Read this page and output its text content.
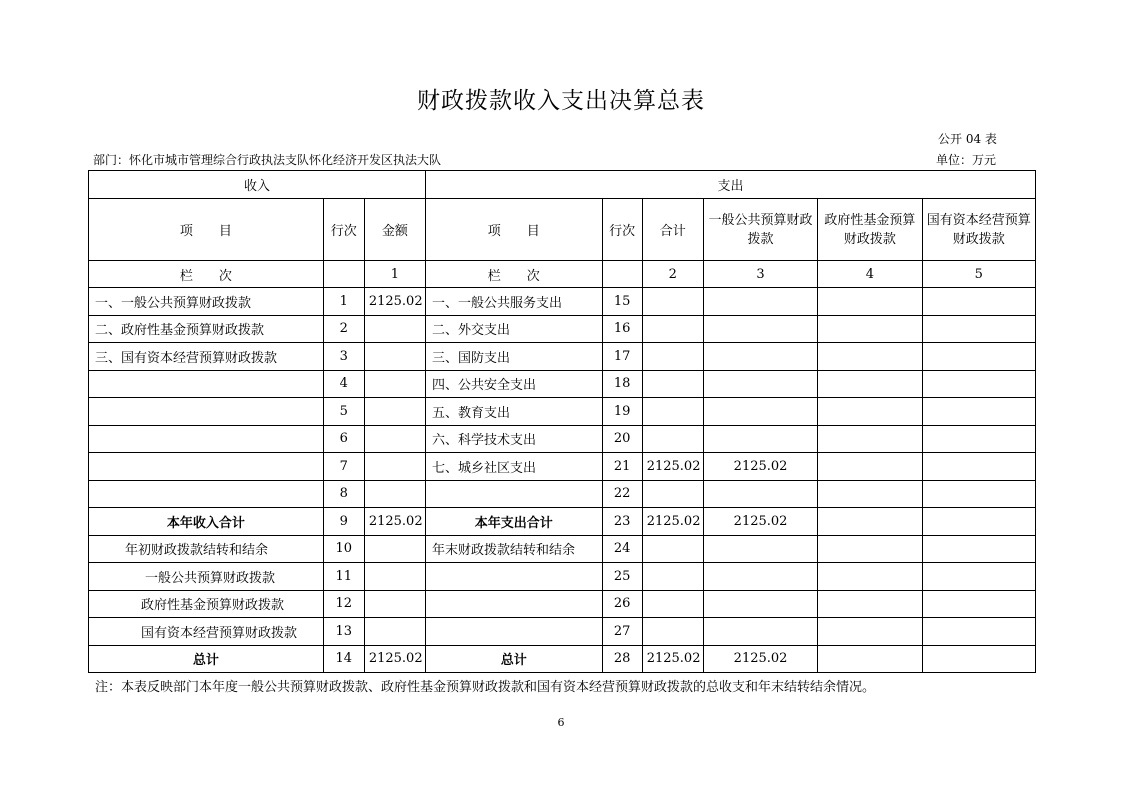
财政拨款收入支出决算总表
公开 04 表
部门：怀化市城市管理综合行政执法支队怀化经济开发区执法大队	单位：万元
收入			支出					
项　　目	行次	金额	项　　目	行次	合计	一般公共预算财政拨款	政府性基金预算财政拨款	国有资本经营预算财政拨款
栏　　次		1	栏　　次		2	3	4	5
一、一般公共预算财政拨款	1	2125.02	一、一般公共服务支出	15				
二、政府性基金预算财政拨款	2		二、外交支出	16				
三、国有资本经营预算财政拨款	3		三、国防支出	17				
	4		四、公共安全支出	18				
	5		五、教育支出	19				
	6		六、科学技术支出	20				
	7		七、城乡社区支出	21	2125.02	2125.02		
	8			22				
本年收入合计	9	2125.02	本年支出合计	23	2125.02	2125.02		
年初财政拨款结转和结余	10		年末财政拨款结转和结余	24				
一般公共预算财政拨款	11			25				
政府性基金预算财政拨款	12			26				
国有资本经营预算财政拨款	13			27				
总计	14	2125.02	总计	28	2125.02	2125.02		
注：本表反映部门本年度一般公共预算财政拨款、政府性基金预算财政拨款和国有资本经营预算财政拨款的总收支和年末结转结余情况。
6
